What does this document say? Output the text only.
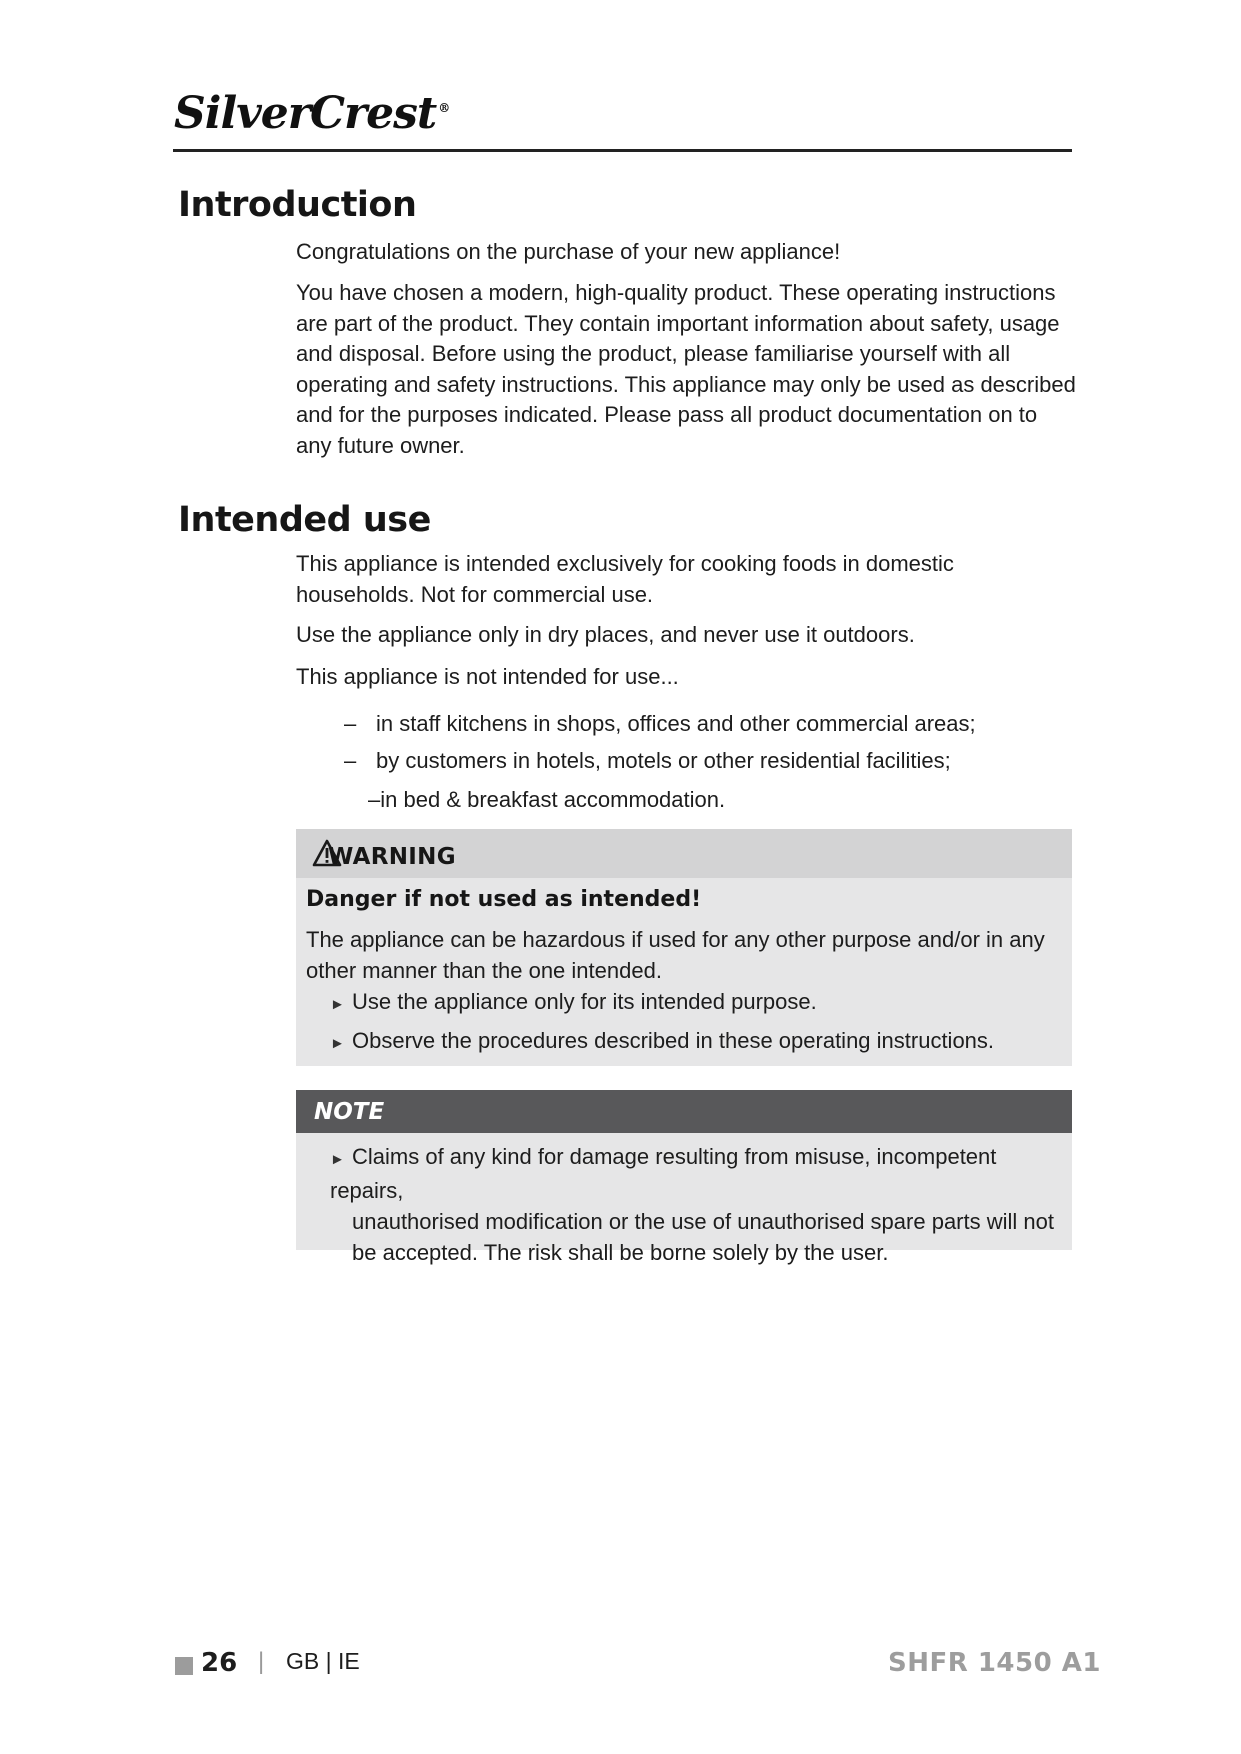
SilverCrest ®
Introduction

Congratulations on the purchase of your new appliance!

You have chosen a modern, high-quality product. These operating instructions are part of the product. They contain important information about safety, usage and disposal. Before using the product, please familiarise yourself with all operating and safety instructions. This appliance may only be used as described and for the purposes indicated. Please pass all product documentation on to any future owner.

Intended use

This appliance is intended exclusively for cooking foods in domestic households. Not for commercial use.

Use the appliance only in dry places, and never use it outdoors.

This appliance is not intended for use...

– in staff kitchens in shops, offices and other commercial areas;
– by customers in hotels, motels or other residential facilities;
–in bed & breakfast accommodation.
WARNING
Danger if not used as intended!
The appliance can be hazardous if used for any other purpose and/or in any other manner than the one intended.
► Use the appliance only for its intended purpose.
► Observe the procedures described in these operating instructions.
NOTE
► Claims of any kind for damage resulting from misuse, incompetent repairs,
unauthorised modification or the use of unauthorised spare parts will not be accepted. The risk shall be borne solely by the user.
26 | GB | IE	SHFR 1450 A1
